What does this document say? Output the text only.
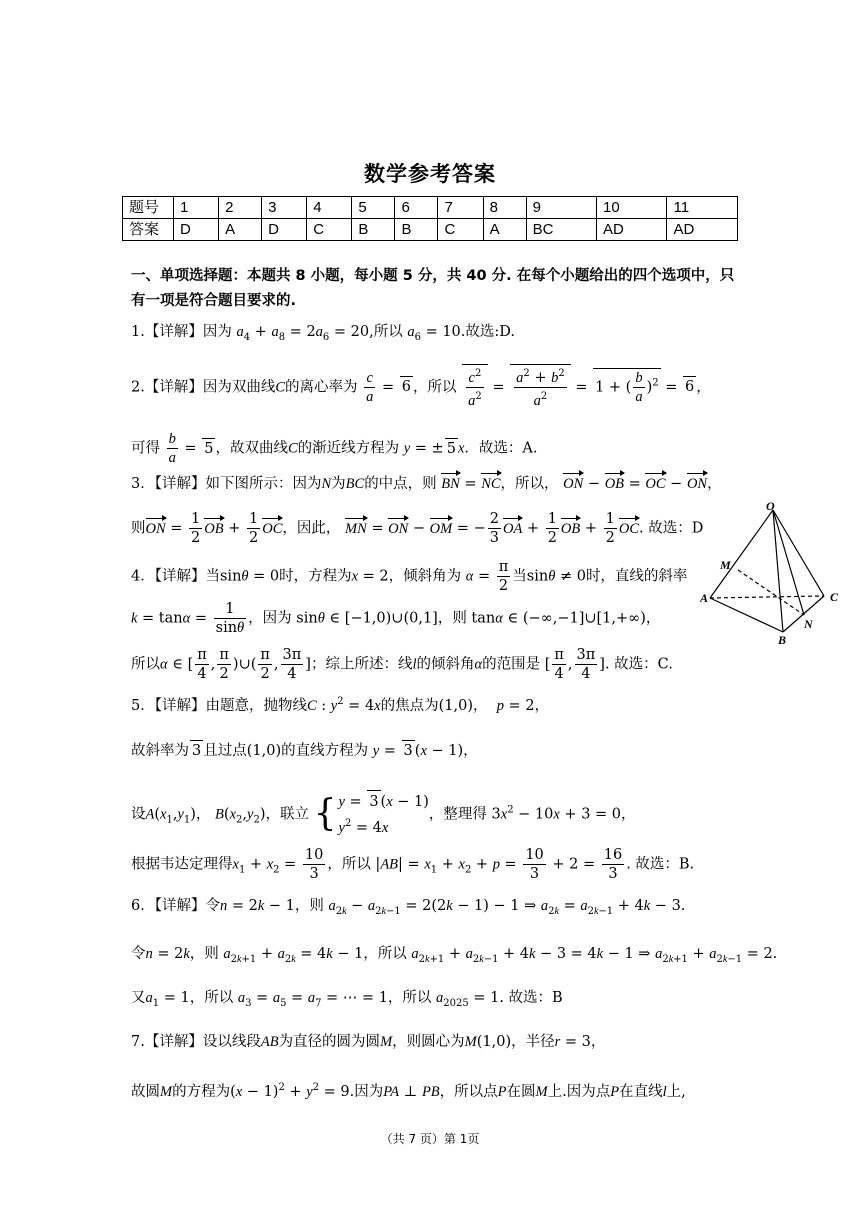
数学参考答案
题号	1	2	3	4	5	6	7	8	9	10	11
答案	D	A	D	C	B	B	C	A	BC	AD	AD
一、单项选择题：本题共 8 小题，每小题 5 分，共 40 分. 在每个小题给出的四个选项中，只
有一项是符合题目要求的.
1.【详解】因为 $a_4 + a_8 = 2a_6 = 20$,所以 $a_6 = 10$.故选:D.
2.【详解】因为双曲线C的离心率为 $\frac{c}{a} = 6$ ，所以 $\frac{c^2}{a^2} = \frac{a^2 + b^2}{a^2} = 1$ + ( $\frac{b}{a} )^2 = 6$ ，
可得 $\frac{b}{a} = 5$ ，故双曲线C的渐近线方程为 y = ± 5 x．故选：A.
3．【详解】如下图所示：因为N为BC的中点，则 BN = NC，所以， ON − OB = OC − ON，
则ON = $\frac{1}{2}$ OB + $\frac{1}{2}$ OC，因此， MN = ON − OM = − $\frac{2}{3}$ OA + $\frac{1}{2}$ OB + $\frac{1}{2}$ OC. 故选：D
4．【详解】当sinθ = 0时，方程为x = 2，倾斜角为 $\alpha = \frac{\pi}{2}$ 当sinθ ≠ 0时，直线的斜率
$k = \tan\alpha = \frac{1}{\sin\theta}$ ，因为 sinθ ∈ [−1,0)∪(0,1]，则 tanα ∈ (−∞,−1]∪[1,+∞)，
所以α ∈ [ $\frac{\pi}{4}$ , $\frac{\pi}{2}$ )∪( $\frac{\pi}{2}$ , $\frac{3\pi}{4}$ ]；综上所述：线l的倾斜角α的范围是 [ $\frac{\pi}{4}$ , $\frac{3\pi}{4}$ ]. 故选：C.
O
M
A	C
N
B
5．【详解】由题意，抛物线C : $y^2 = 4x$的焦点为(1,0)，  p = 2，
故斜率为 3 且过点(1,0)的直线方程为 y = 3 (x − 1)，
设$A(x_1,y_1)$， $B(x_2,y_2)$，联立 { y = 3 (x − 1)
$y^2 = 4x$
，整理得 $3x^2 - 10x + 3 = 0$，
根据韦达定理得$x_1 + x_2 = \frac{10}{3}$ ，所以 $|AB| = x_1 + x_2 + p = \frac{10}{3} + 2 = \frac{16}{3}$ . 故选：B.
6．【详解】令n = 2k − 1，则 $a_{2k} - a_{2k-1} = 2(2k - 1) - 1$ ⇒ $a_{2k} = a_{2k-1} + 4k - 3$.
令n = 2k，则 $a_{2k+1} + a_{2k} = 4k - 1$，所以 $a_{2k+1} + a_{2k-1} + 4k - 3 = 4k - 1$ ⇒ $a_{2k+1} + a_{2k-1} = 2$.
又$a_1 = 1$，所以 $a_3 = a_5 = a_7$ = ⋯ = 1，所以 $a_{2025} = 1$. 故选：B
7.【详解】设以线段AB为直径的圆为圆M，则圆心为M(1,0)，半径r = 3，
故圆M的方程为$(x - 1)^2 + y^2 = 9$.因为PA ⊥ PB，所以点P在圆M上.因为点P在直线l上,
（共 7 页）第 1页
